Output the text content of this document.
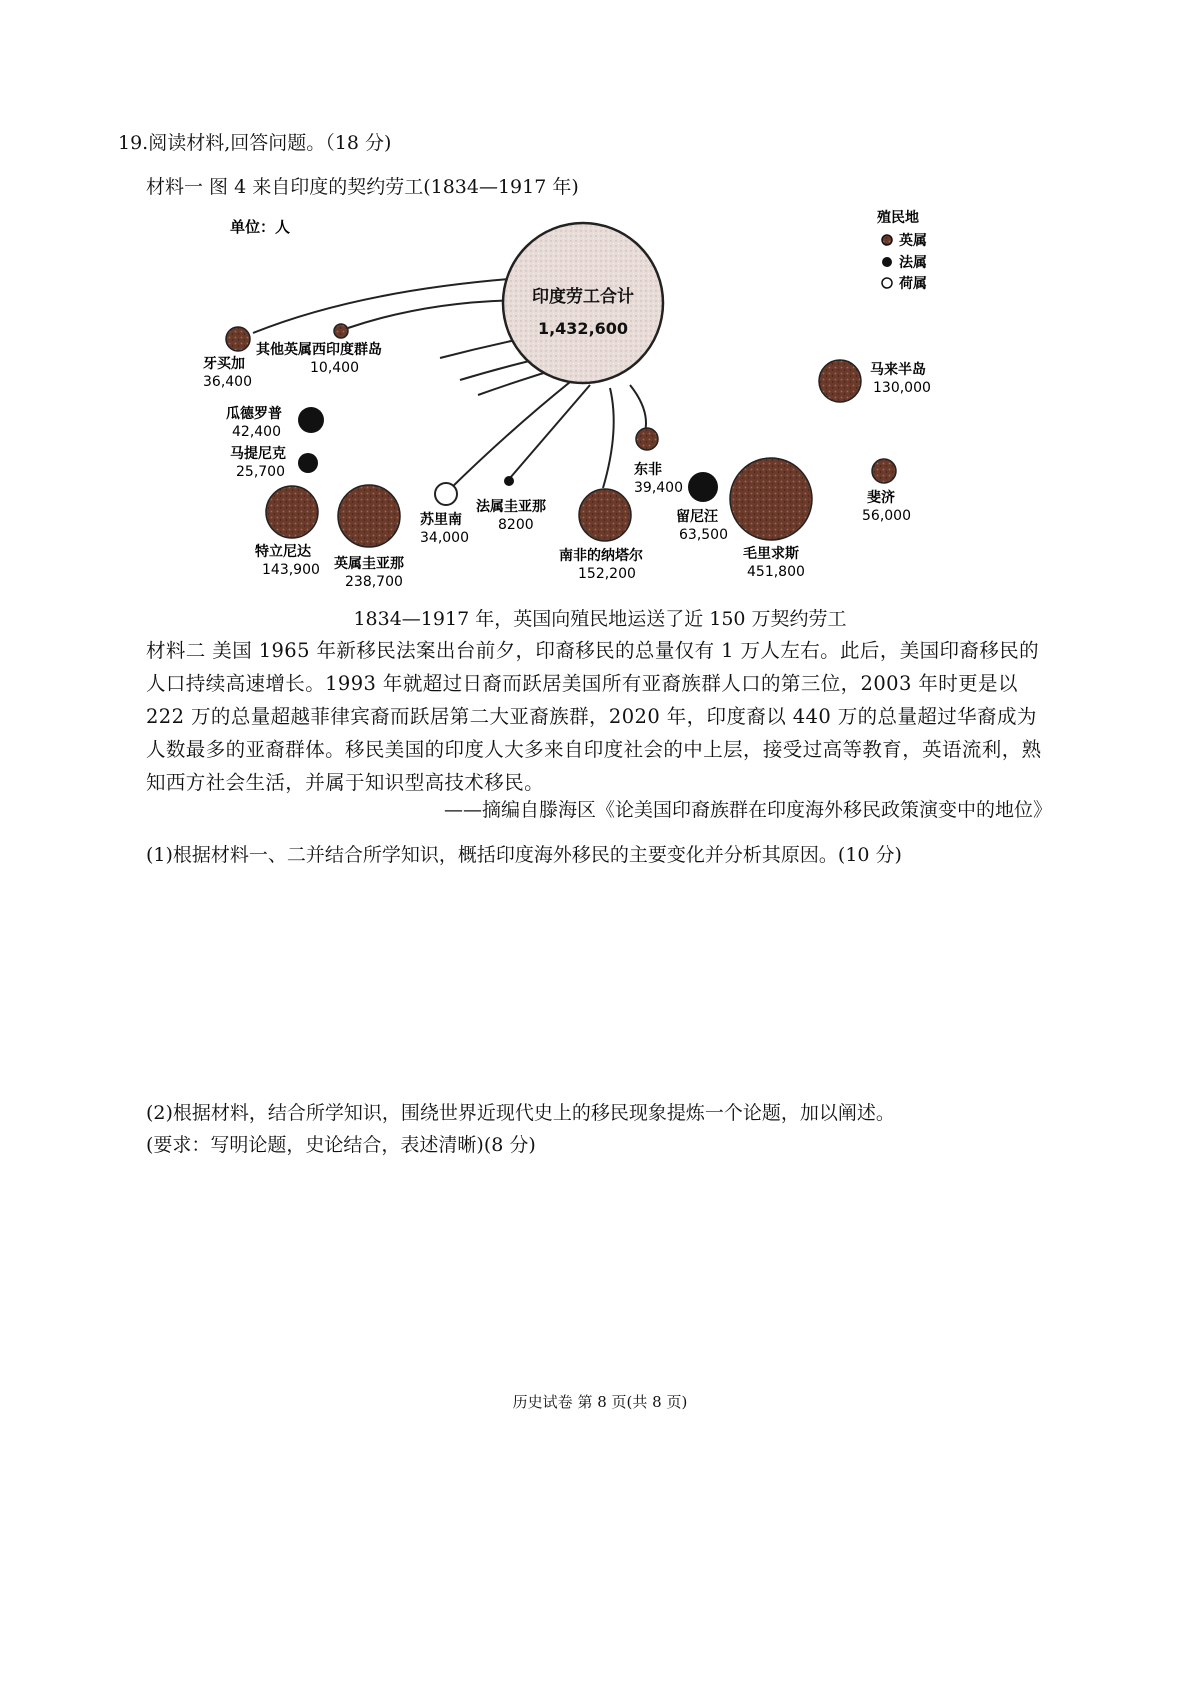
19.阅读材料,回答问题。（18 分)
材料一 图 4 来自印度的契约劳工(1834—1917 年)
印度劳工合计
1,432,600
单位：人	殖民地
英属
法属
荷属
牙买加
36,400
其他英属西印度群岛
10,400
瓜德罗普
42,400
马提尼克
25,700
特立尼达
143,900 英属圭亚那
238,700
苏里南
34,000
法属圭亚那
8200
南非的纳塔尔
152,200
东非
39,400
留尼汪
63,500
毛里求斯
451,800
马来半岛
130,000
斐济
56,000
1834—1917 年，英国向殖民地运送了近 150 万契约劳工
材料二 美国 1965 年新移民法案出台前夕，印裔移民的总量仅有 1 万人左右。此后，美国印裔移民的人口持续高速增长。1993 年就超过日裔而跃居美国所有亚裔族群人口的第三位，2003 年时更是以 222 万的总量超越菲律宾裔而跃居第二大亚裔族群，2020 年，印度裔以 440 万的总量超过华裔成为人数最多的亚裔群体。移民美国的印度人大多来自印度社会的中上层，接受过高等教育，英语流利，熟知西方社会生活，并属于知识型高技术移民。
——摘编自滕海区《论美国印裔族群在印度海外移民政策演变中的地位》
(1)根据材料一、二并结合所学知识，概括印度海外移民的主要变化并分析其原因。(10 分)
(2)根据材料，结合所学知识，围绕世界近现代史上的移民现象提炼一个论题，加以阐述。
(要求：写明论题，史论结合，表述清晰)(8 分)
历史试卷 第 8 页(共 8 页)
